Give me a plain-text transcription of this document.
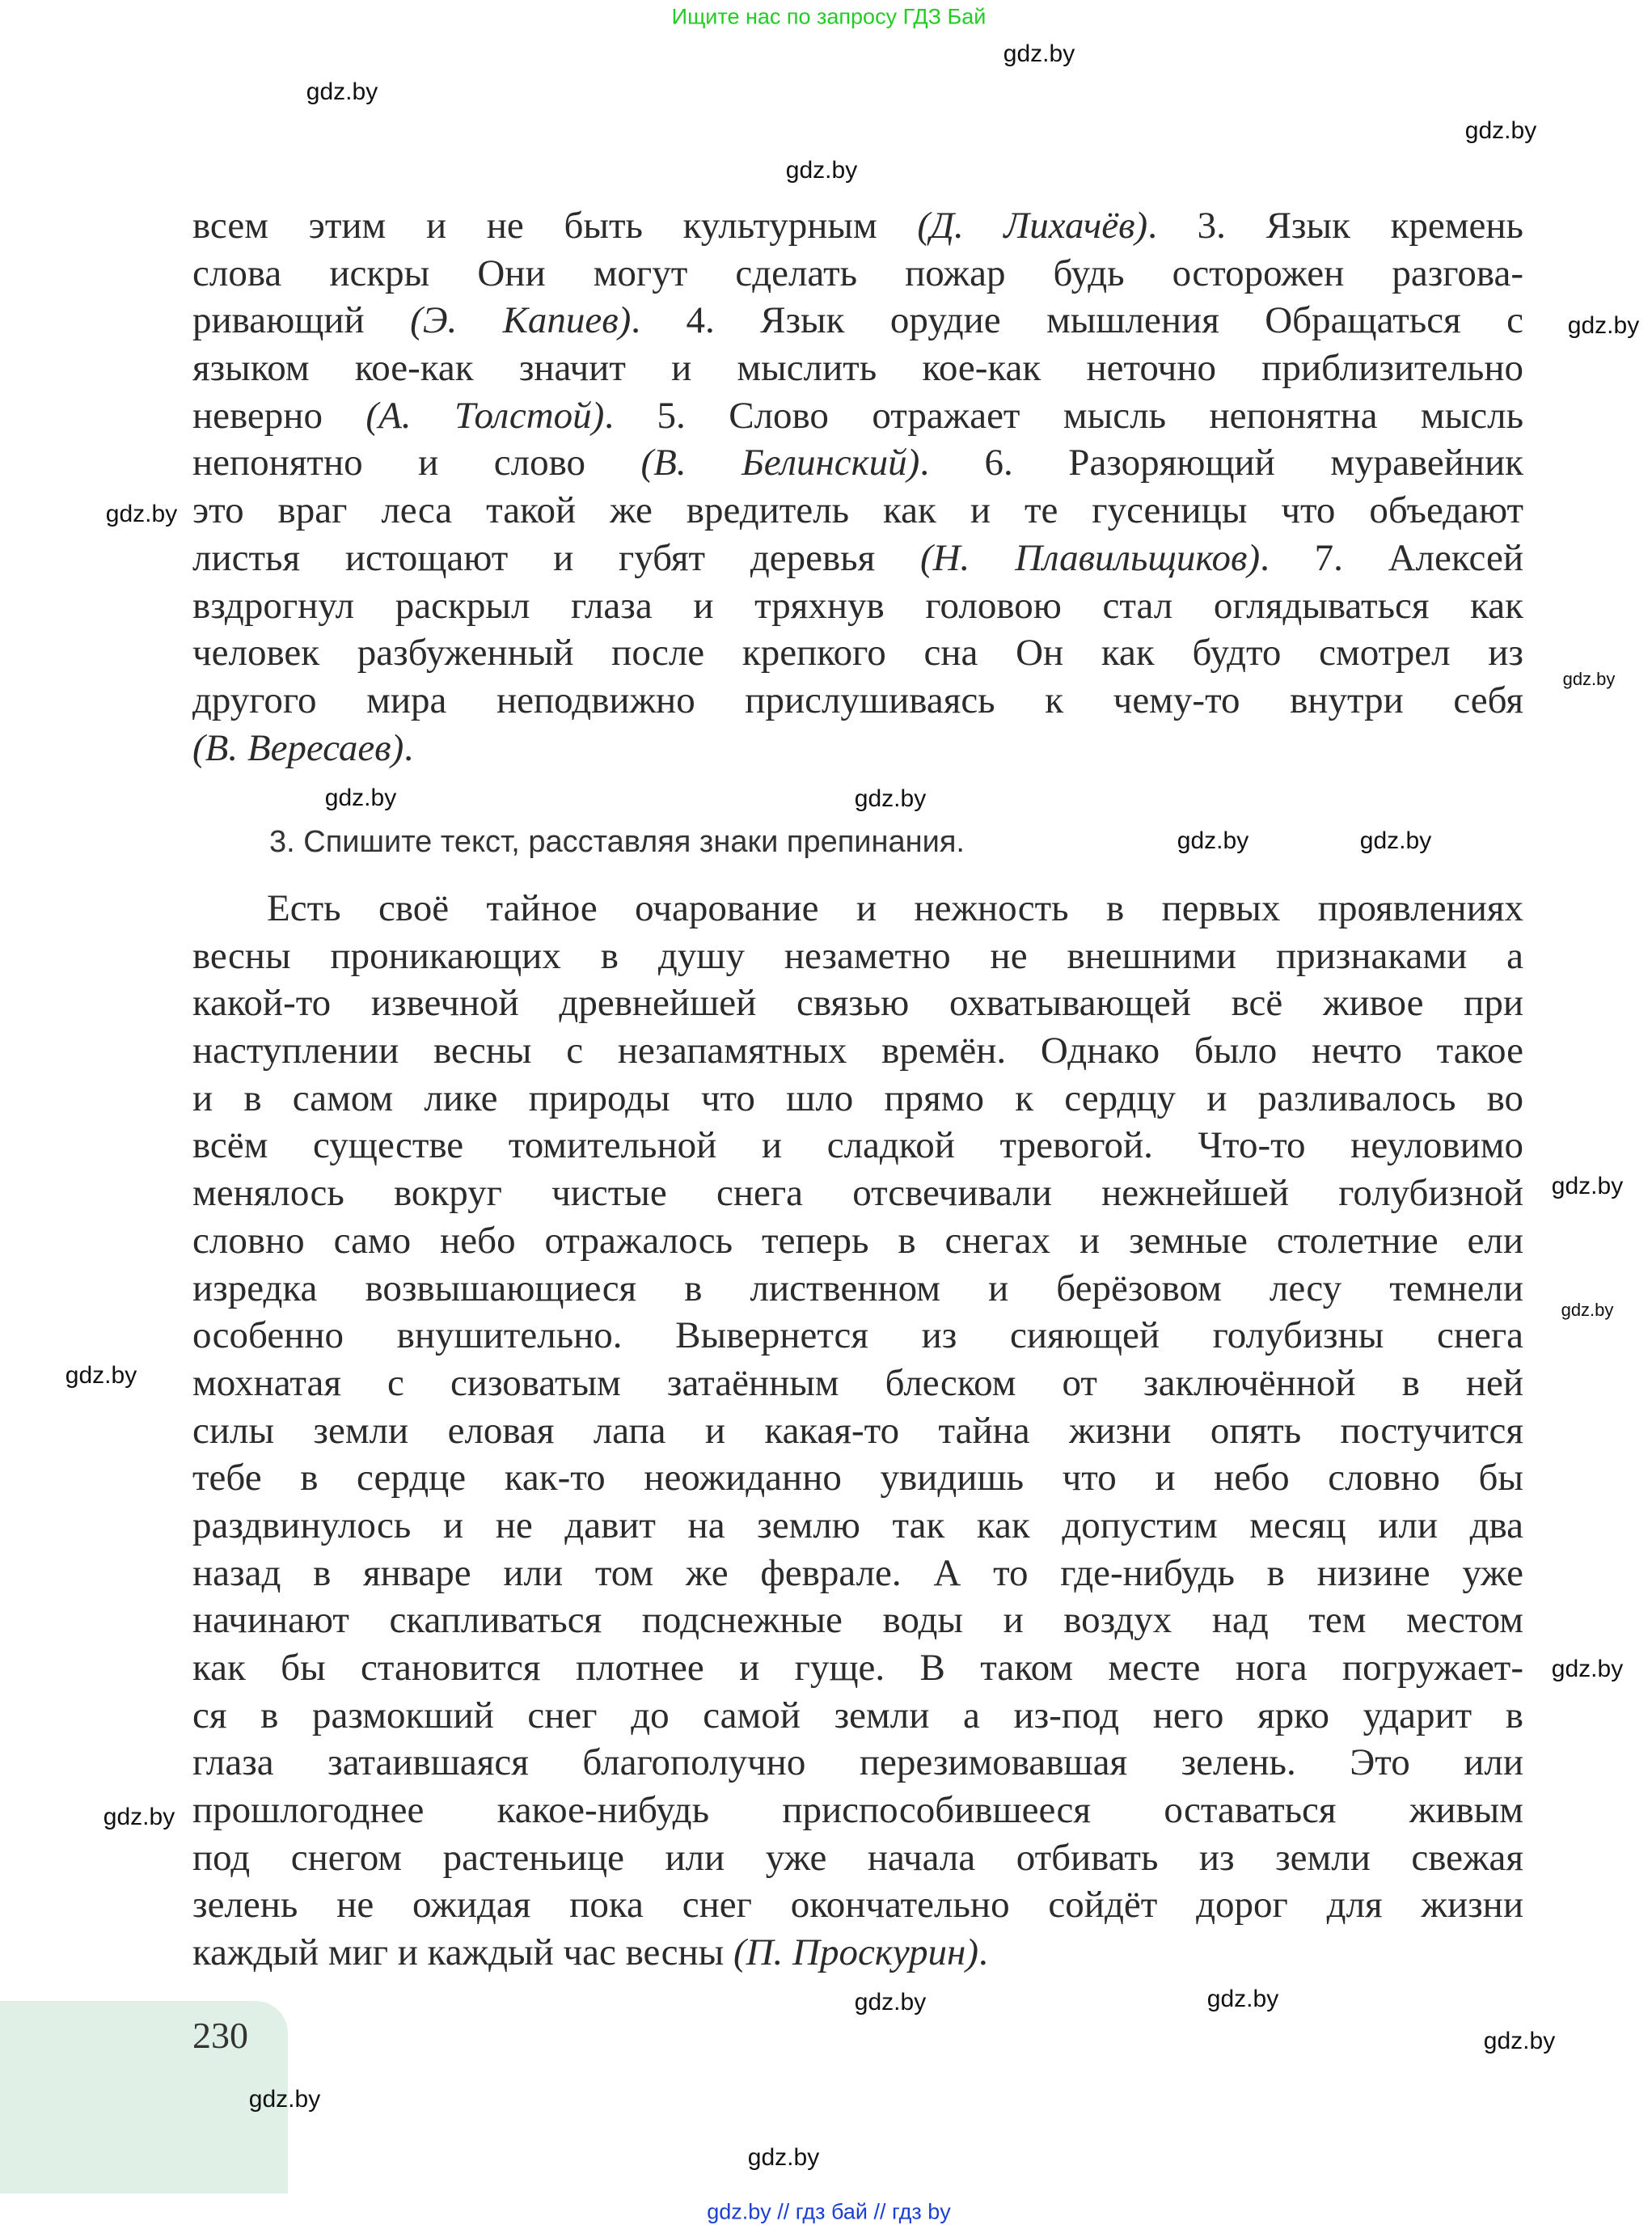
Ищите нас по запросу ГДЗ Бай
всем этим и не быть культурным (Д. Лихачёв). 3. Язык кремень
слова искры Они могут сделать пожар будь осторожен разгова-
ривающий (Э. Капиев). 4. Язык орудие мышления Обращаться с
языком кое-как значит и мыслить кое-как неточно приблизительно
неверно (А. Толстой). 5. Слово отражает мысль непонятна мысль
непонятно и слово (В. Белинский). 6. Разоряющий муравейник
это враг леса такой же вредитель как и те гусеницы что объедают
листья истощают и губят деревья (Н. Плавильщиков). 7. Алексей
вздрогнул раскрыл глаза и тряхнув головою стал оглядываться как
человек разбуженный после крепкого сна Он как будто смотрел из
другого мира неподвижно прислушиваясь к чему-то внутри себя
(В. Вересаев).
3. Спишите текст, расставляя знаки препинания.
Есть своё тайное очарование и нежность в первых проявлениях
весны проникающих в душу незаметно не внешними признаками а
какой-то извечной древнейшей связью охватывающей всё живое при
наступлении весны с незапамятных времён. Однако было нечто такое
и в самом лике природы что шло прямо к сердцу и разливалось во
всём существе томительной и сладкой тревогой. Что-то неуловимо
менялось вокруг чистые снега отсвечивали нежнейшей голубизной
словно само небо отражалось теперь в снегах и земные столетние ели
изредка возвышающиеся в лиственном и берёзовом лесу темнели
особенно внушительно. Вывернется из сияющей голубизны снега
мохнатая с сизоватым затаённым блеском от заключённой в ней
силы земли еловая лапа и какая-то тайна жизни опять постучится
тебе в сердце как-то неожиданно увидишь что и небо словно бы
раздвинулось и не давит на землю так как допустим месяц или два
назад в январе или том же феврале. А то где-нибудь в низине уже
начинают скапливаться подснежные воды и воздух над тем местом
как бы становится плотнее и гуще. В таком месте нога погружает-
ся в размокший снег до самой земли а из-под него ярко ударит в
глаза затаившаяся благополучно перезимовавшая зелень. Это или
прошлогоднее какое-нибудь приспособившееся оставаться живым
под снегом растеньице или уже начала отбивать из земли свежая
зелень не ожидая пока снег окончательно сойдёт дорог для жизни
каждый миг и каждый час весны (П. Проскурин).
230
gdz.by
gdz.by
gdz.by
gdz.by
gdz.by
gdz.by
gdz.by
gdz.by
gdz.by
gdz.by
gdz.by
gdz.by
gdz.by
gdz.by
gdz.by
gdz.by
gdz.by
gdz.by
gdz.by
gdz.by
gdz.by
gdz.by // гдз бай // гдз by
